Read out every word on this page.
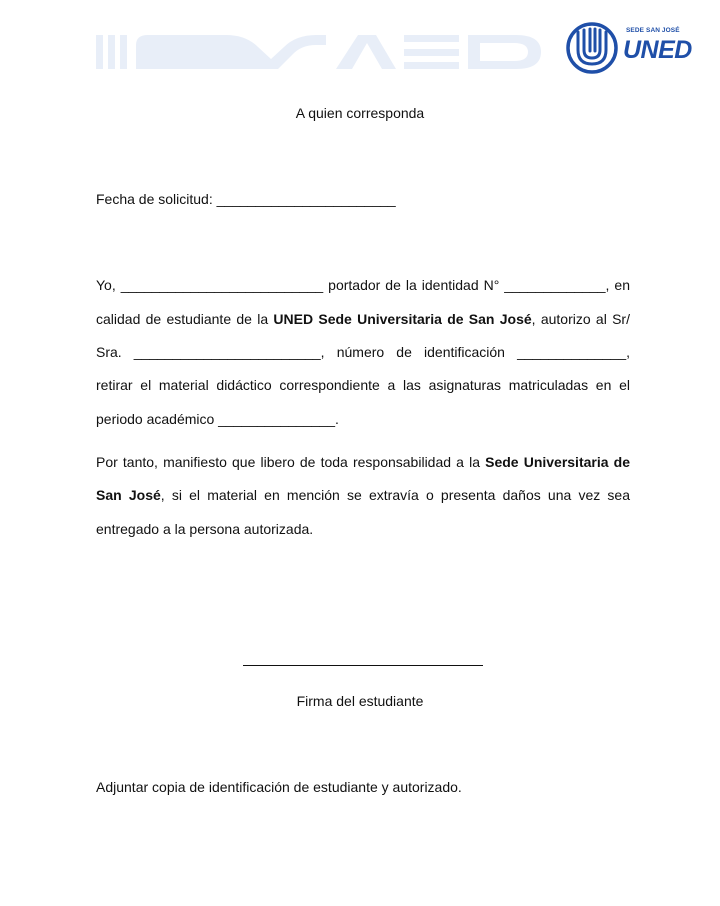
SEDE SAN JOSÉ
UNED
A quien corresponda
Fecha de solicitud: _______________________
Yo, __________________________ portador de la identidad N° _____________, en
calidad de estudiante de la UNED Sede Universitaria de San José, autorizo al Sr/
Sra. ________________________, número de identificación ______________,
retirar el material didáctico correspondiente a las asignaturas matriculadas en el
periodo académico _______________.
Por tanto, manifiesto que libero de toda responsabilidad a la Sede Universitaria de
San José, si el material en mención se extravía o presenta daños una vez sea
entregado a la persona autorizada.
Firma del estudiante
Adjuntar copia de identificación de estudiante y autorizado.
